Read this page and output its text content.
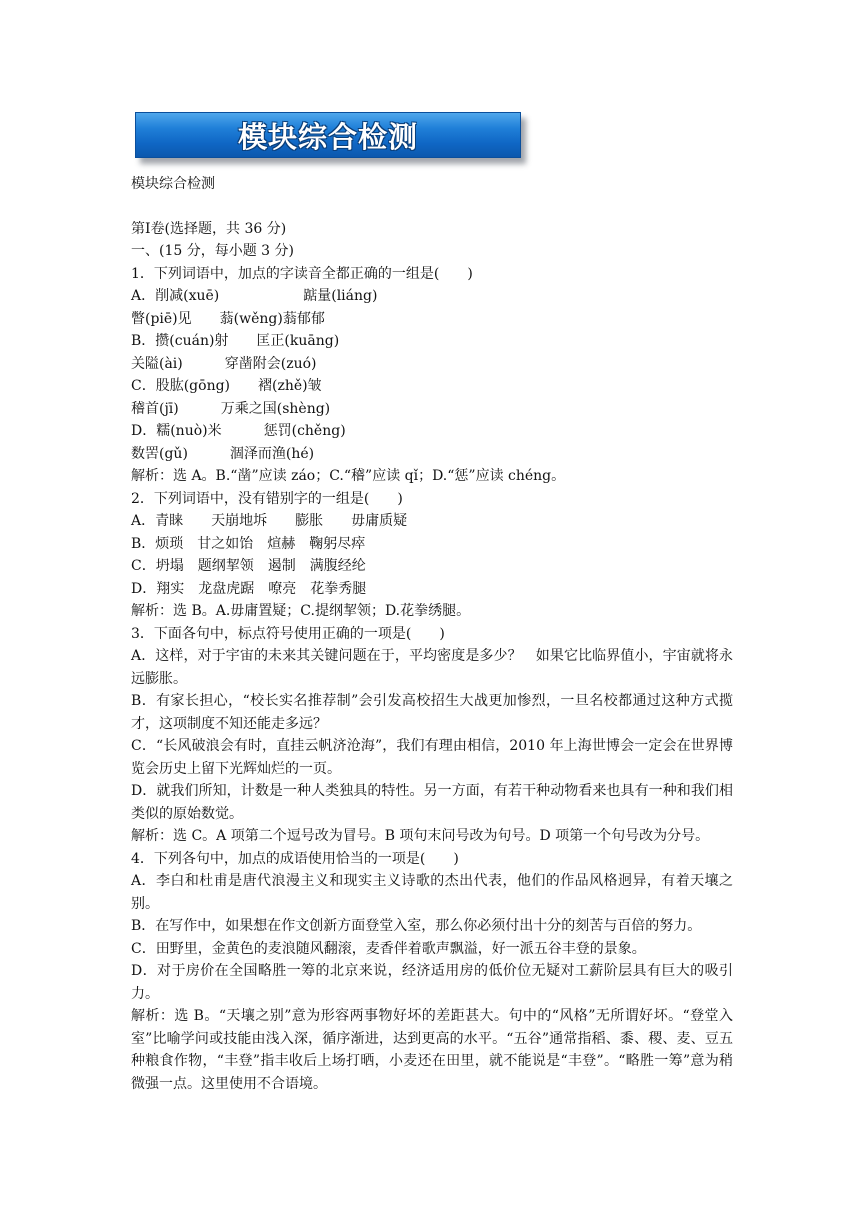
模块综合检测

模块综合检测

第Ⅰ卷(选择题，共 36 分)

一、(15 分，每小题 3 分)

1．下列词语中，加点的字读音全都正确的一组是(　　)

A．削减(xuē)　　　　　　踮量(liáng)

瞥(piē)见　　蓊(wěng)蓊郁郁

B．攒(cuán)射　　匡正(kuāng)

关隘(ài)　　　穿凿附会(zuó)

C．股肱(gōng)　　褶(zhě)皱

稽首(jī)　　　万乘之国(shèng)

D．糯(nuò)米　　　惩罚(chěng)

数罟(gǔ)　　　涸泽而渔(hé)

解析：选 A。B.“凿”应读 záo；C.“稽”应读 qǐ；D.“惩”应读 chéng。

2．下列词语中，没有错别字的一组是(　　)

A．青睐　　天崩地坼　　膨胀　　毋庸质疑

B．烦琐　甘之如饴　煊赫　鞠躬尽瘁

C．坍塌　题纲挈领　遏制　满腹经纶

D．翔实　龙盘虎踞　嘹亮　花拳秀腿

解析：选 B。A.毋庸置疑；C.提纲挈领；D.花拳绣腿。

3．下面各句中，标点符号使用正确的一项是(　　)

A．这样，对于宇宙的未来其关键问题在于，平均密度是多少？　如果它比临界值小，宇宙就将永远膨胀。

B．有家长担心，“校长实名推荐制”会引发高校招生大战更加惨烈，一旦名校都通过这种方式揽才，这项制度不知还能走多远？

C．“长风破浪会有时，直挂云帆济沧海”，我们有理由相信，2010 年上海世博会一定会在世界博览会历史上留下光辉灿烂的一页。

D．就我们所知，计数是一种人类独具的特性。另一方面，有若干种动物看来也具有一种和我们相类似的原始数觉。

解析：选 C。A 项第二个逗号改为冒号。B 项句末问号改为句号。D 项第一个句号改为分号。

4．下列各句中，加点的成语使用恰当的一项是(　　)

A．李白和杜甫是唐代浪漫主义和现实主义诗歌的杰出代表，他们的作品风格迥异，有着天壤之别。

B．在写作中，如果想在作文创新方面登堂入室，那么你必须付出十分的刻苦与百倍的努力。

C．田野里，金黄色的麦浪随风翻滚，麦香伴着歌声飘溢，好一派五谷丰登的景象。

D．对于房价在全国略胜一筹的北京来说，经济适用房的低价位无疑对工薪阶层具有巨大的吸引力。

解析：选 B。“天壤之别”意为形容两事物好坏的差距甚大。句中的“风格”无所谓好坏。“登堂入室”比喻学问或技能由浅入深，循序渐进，达到更高的水平。“五谷”通常指稻、黍、稷、麦、豆五种粮食作物，“丰登”指丰收后上场打晒，小麦还在田里，就不能说是“丰登”。“略胜一筹”意为稍微强一点。这里使用不合语境。
